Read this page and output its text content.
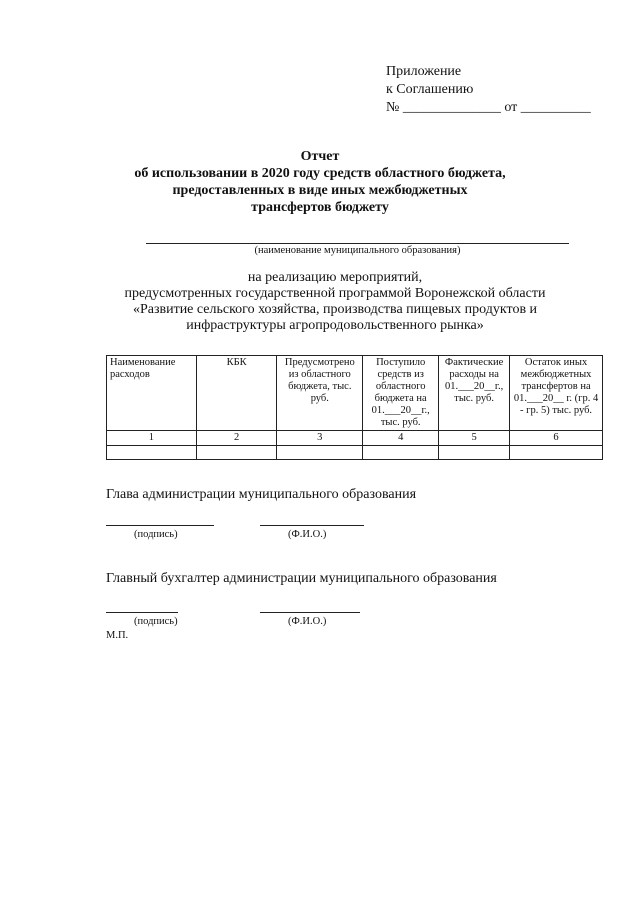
Приложение
к Соглашению
№ ______________ от __________
Отчет
об использовании в 2020 году средств областного бюджета,
предоставленных в виде иных межбюджетных
трансфертов бюджету
(наименование муниципального образования)
на реализацию мероприятий,
предусмотренных государственной программой Воронежской области
«Развитие сельского хозяйства, производства пищевых продуктов и
инфраструктуры агропродовольственного рынка»
Наименование расходов	КБК	Предусмотрено из областного бюджета, тыс. руб.	Поступило средств из областного бюджета на 01.___20__г., тыс. руб.	Фактические расходы на 01.___20__г., тыс. руб.	Остаток иных межбюджетных трансфертов на 01.___20__ г. (гр. 4 - гр. 5) тыс. руб.
1	2	3	4	5	6

Глава администрации муниципального образования
(подпись)	(Ф.И.О.)
Главный бухгалтер администрации муниципального образования
(подпись)	(Ф.И.О.)
М.П.
